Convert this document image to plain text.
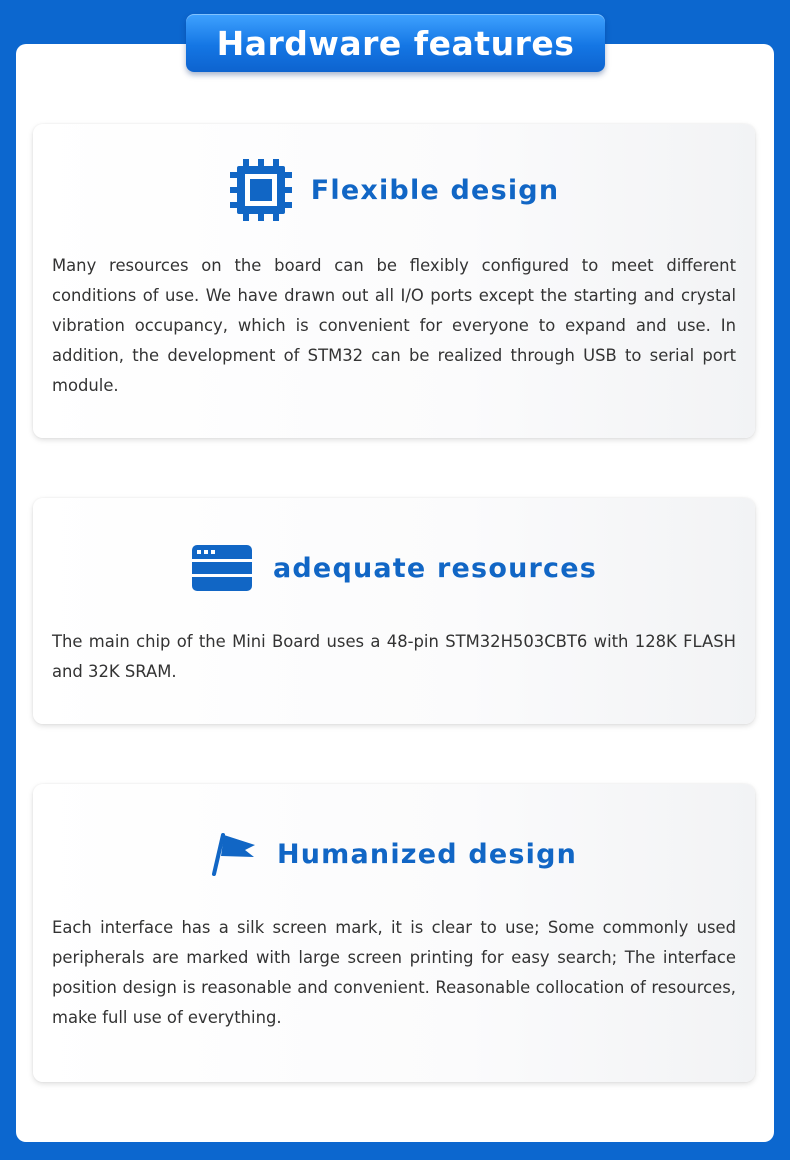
Hardware features
Flexible design

Many resources on the board can be flexibly configured to meet different conditions of use. We have drawn out all I/O ports except the starting and crystal vibration occupancy, which is convenient for everyone to expand and use. In addition, the development of STM32 can be realized through USB to serial port module.

adequate resources

The main chip of the Mini Board uses a 48-pin STM32H503CBT6 with 128K FLASH and 32K SRAM.

Humanized design

Each interface has a silk screen mark, it is clear to use; Some commonly used peripherals are marked with large screen printing for easy search; The interface position design is reasonable and convenient. Reasonable collocation of resources, make full use of everything.
